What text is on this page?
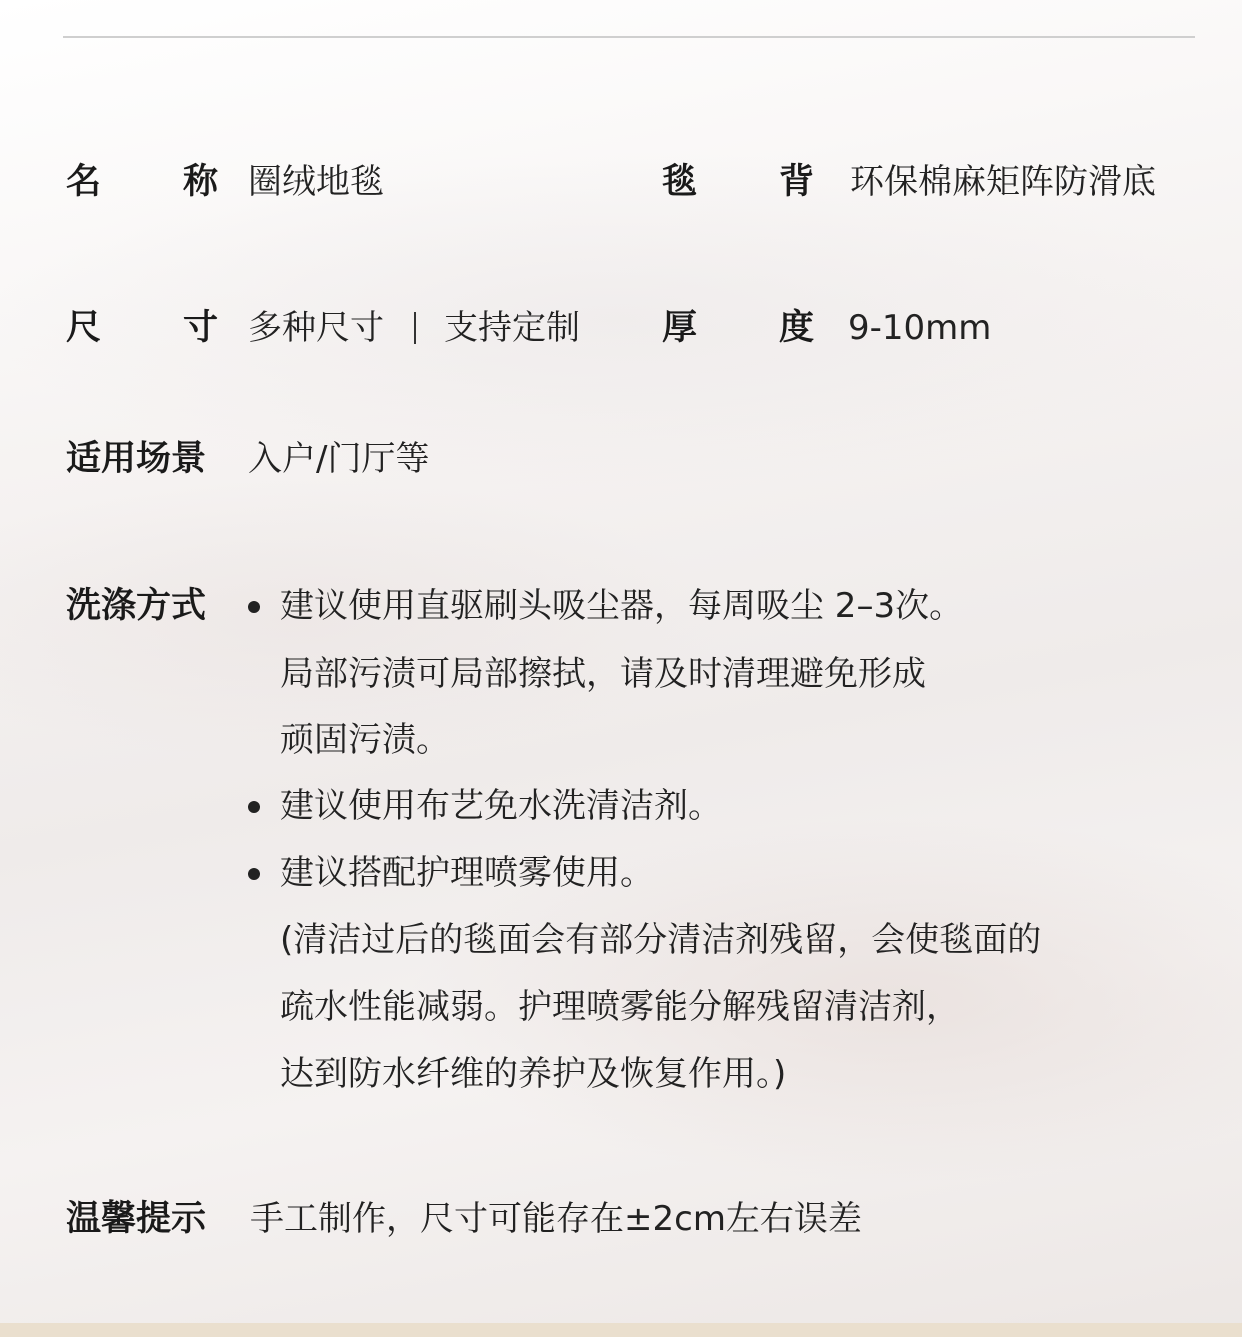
名 称 圈绒地毯	毯 背 环保棉麻矩阵防滑底
尺 寸 多种尺寸 支持定制 厚 度 9-10mm
适用场景 入户/门厅等
洗涤方式 建议使用直驱刷头吸尘器，每周吸尘 2–3次。
局部污渍可局部擦拭，请及时清理避免形成
顽固污渍。
建议使用布艺免水洗清洁剂。
建议搭配护理喷雾使用。
(清洁过后的毯面会有部分清洁剂残留，会使毯面的
疏水性能减弱。护理喷雾能分解残留清洁剂，
达到防水纤维的养护及恢复作用。)
温馨提示 手工制作，尺寸可能存在±2cm左右误差
